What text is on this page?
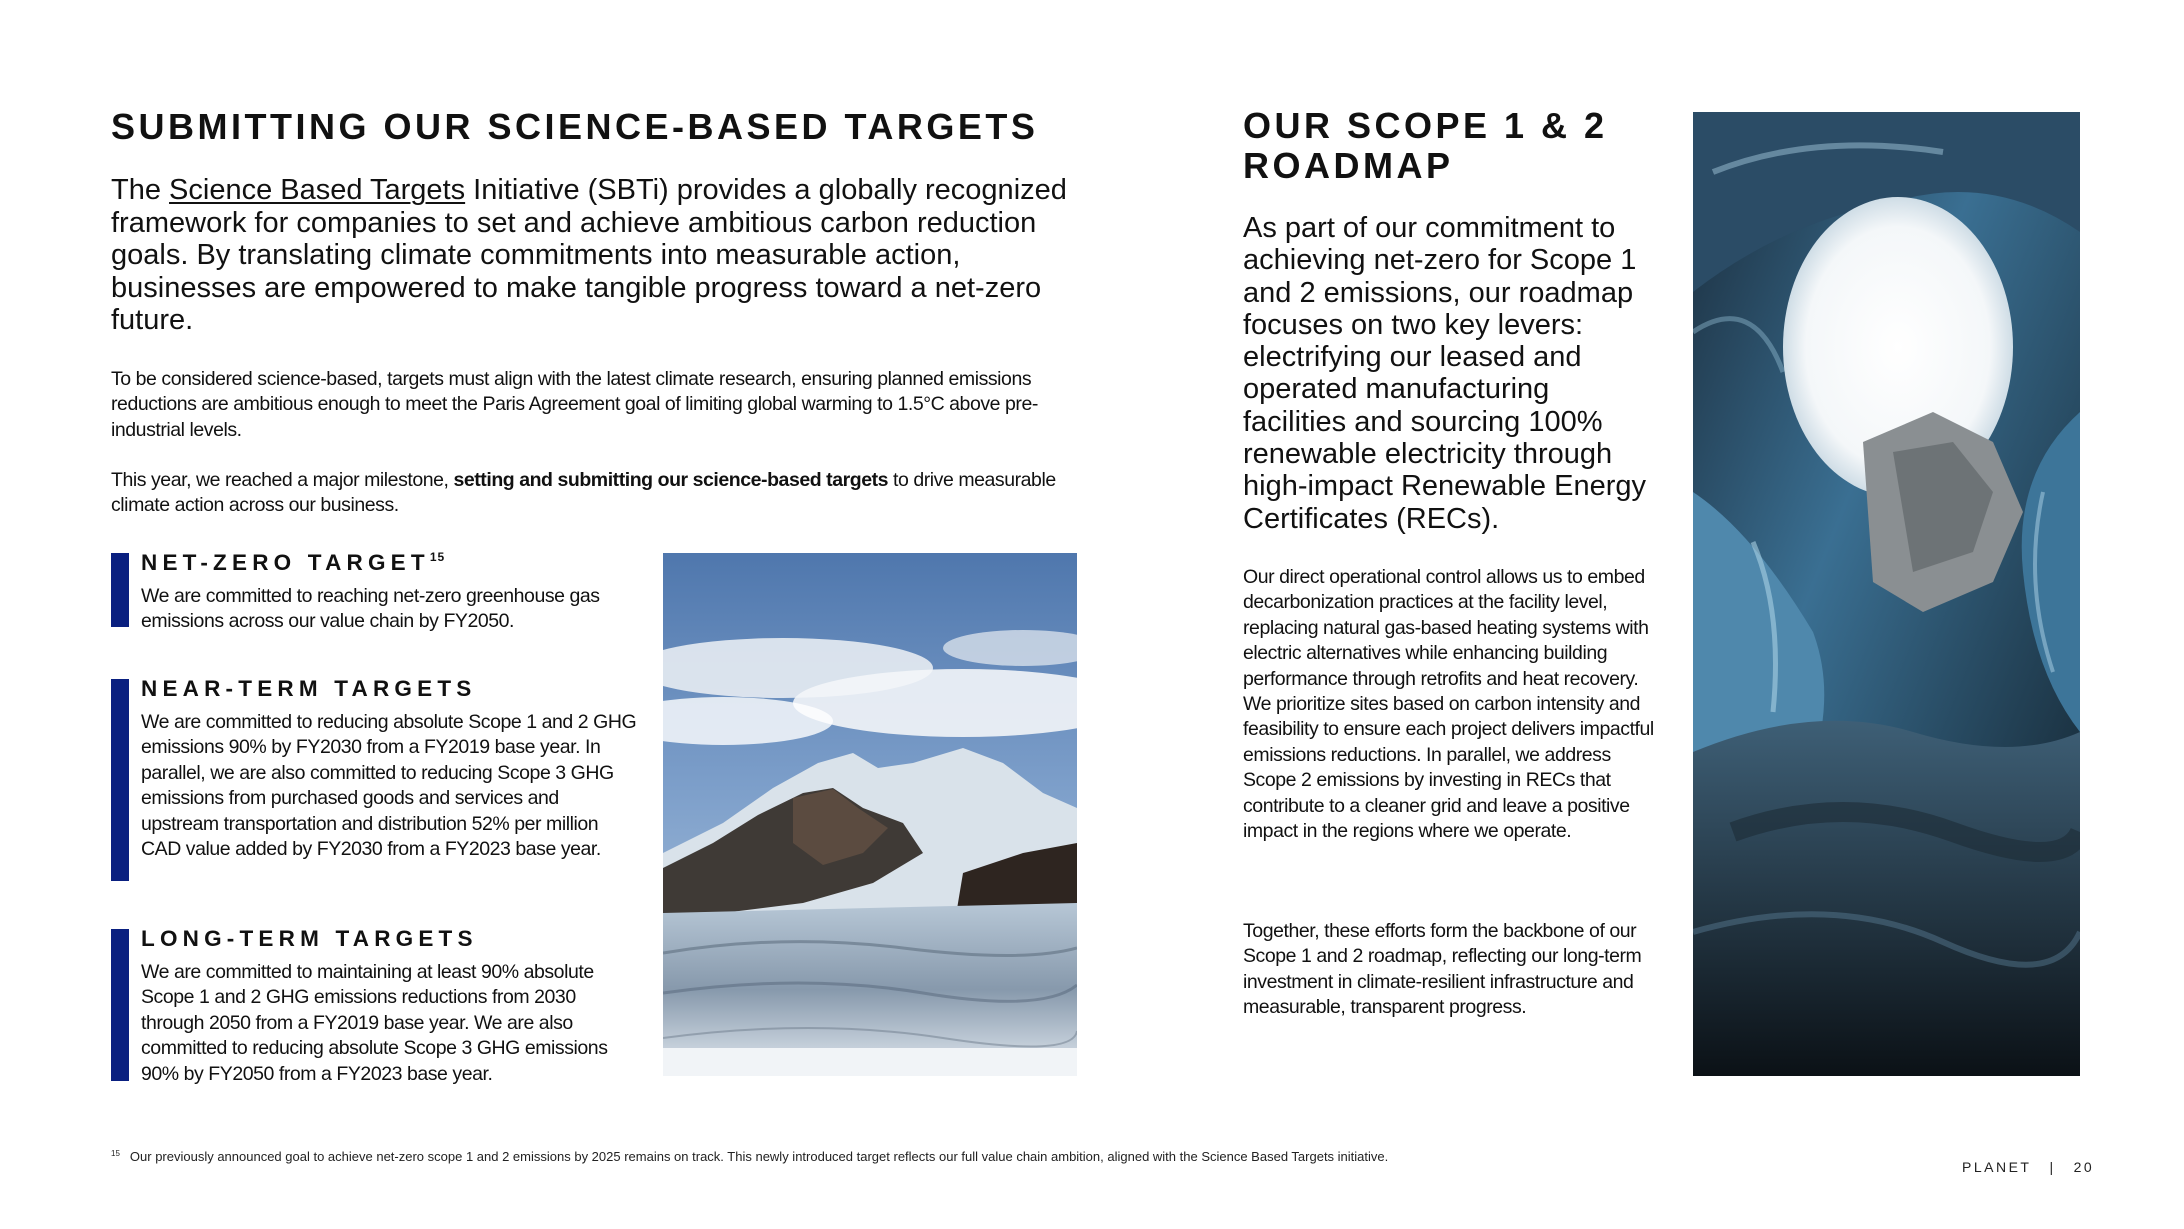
SUBMITTING OUR SCIENCE-BASED TARGETS

The Science Based Targets Initiative (SBTi) provides a globally recognized framework for companies to set and achieve ambitious carbon reduction goals. By translating climate commitments into measurable action, businesses are empowered to make tangible progress toward a net-zero future.

To be considered science-based, targets must align with the latest climate research, ensuring planned emissions reductions are ambitious enough to meet the Paris Agreement goal of limiting global warming to 1.5°C above pre-industrial levels.

This year, we reached a major milestone, setting and submitting our science-based targets to drive measurable climate action across our business.

NET-ZERO TARGET$^{15}$

We are committed to reaching net-zero greenhouse gas emissions across our value chain by FY2050.

NEAR-TERM TARGETS

We are committed to reducing absolute Scope 1 and 2 GHG emissions 90% by FY2030 from a FY2019 base year. In parallel, we are also committed to reducing Scope 3 GHG emissions from purchased goods and services and upstream transportation and distribution 52% per million CAD value added by FY2030 from a FY2023 base year.

LONG-TERM TARGETS

We are committed to maintaining at least 90% absolute Scope 1 and 2 GHG emissions reductions from 2030 through 2050 from a FY2019 base year. We are also committed to reducing absolute Scope 3 GHG emissions 90% by FY2050 from a FY2023 base year.

OUR SCOPE 1 & 2 ROADMAP

As part of our commitment to achieving net-zero for Scope 1 and 2 emissions, our roadmap focuses on two key levers: electrifying our leased and operated manufacturing facilities and sourcing 100% renewable electricity through high-impact Renewable Energy Certificates (RECs).

Our direct operational control allows us to embed decarbonization practices at the facility level, replacing natural gas-based heating systems with electric alternatives while enhancing building performance through retrofits and heat recovery. We prioritize sites based on carbon intensity and feasibility to ensure each project delivers impactful emissions reductions. In parallel, we address Scope 2 emissions by investing in RECs that contribute to a cleaner grid and leave a positive impact in the regions where we operate.

Together, these efforts form the backbone of our Scope 1 and 2 roadmap, reflecting our long-term investment in climate-resilient infrastructure and measurable, transparent progress.

$^{15}$ Our previously announced goal to achieve net-zero scope 1 and 2 emissions by 2025 remains on track. This newly introduced target reflects our full value chain ambition, aligned with the Science Based Targets initiative.

PLANET | 20
